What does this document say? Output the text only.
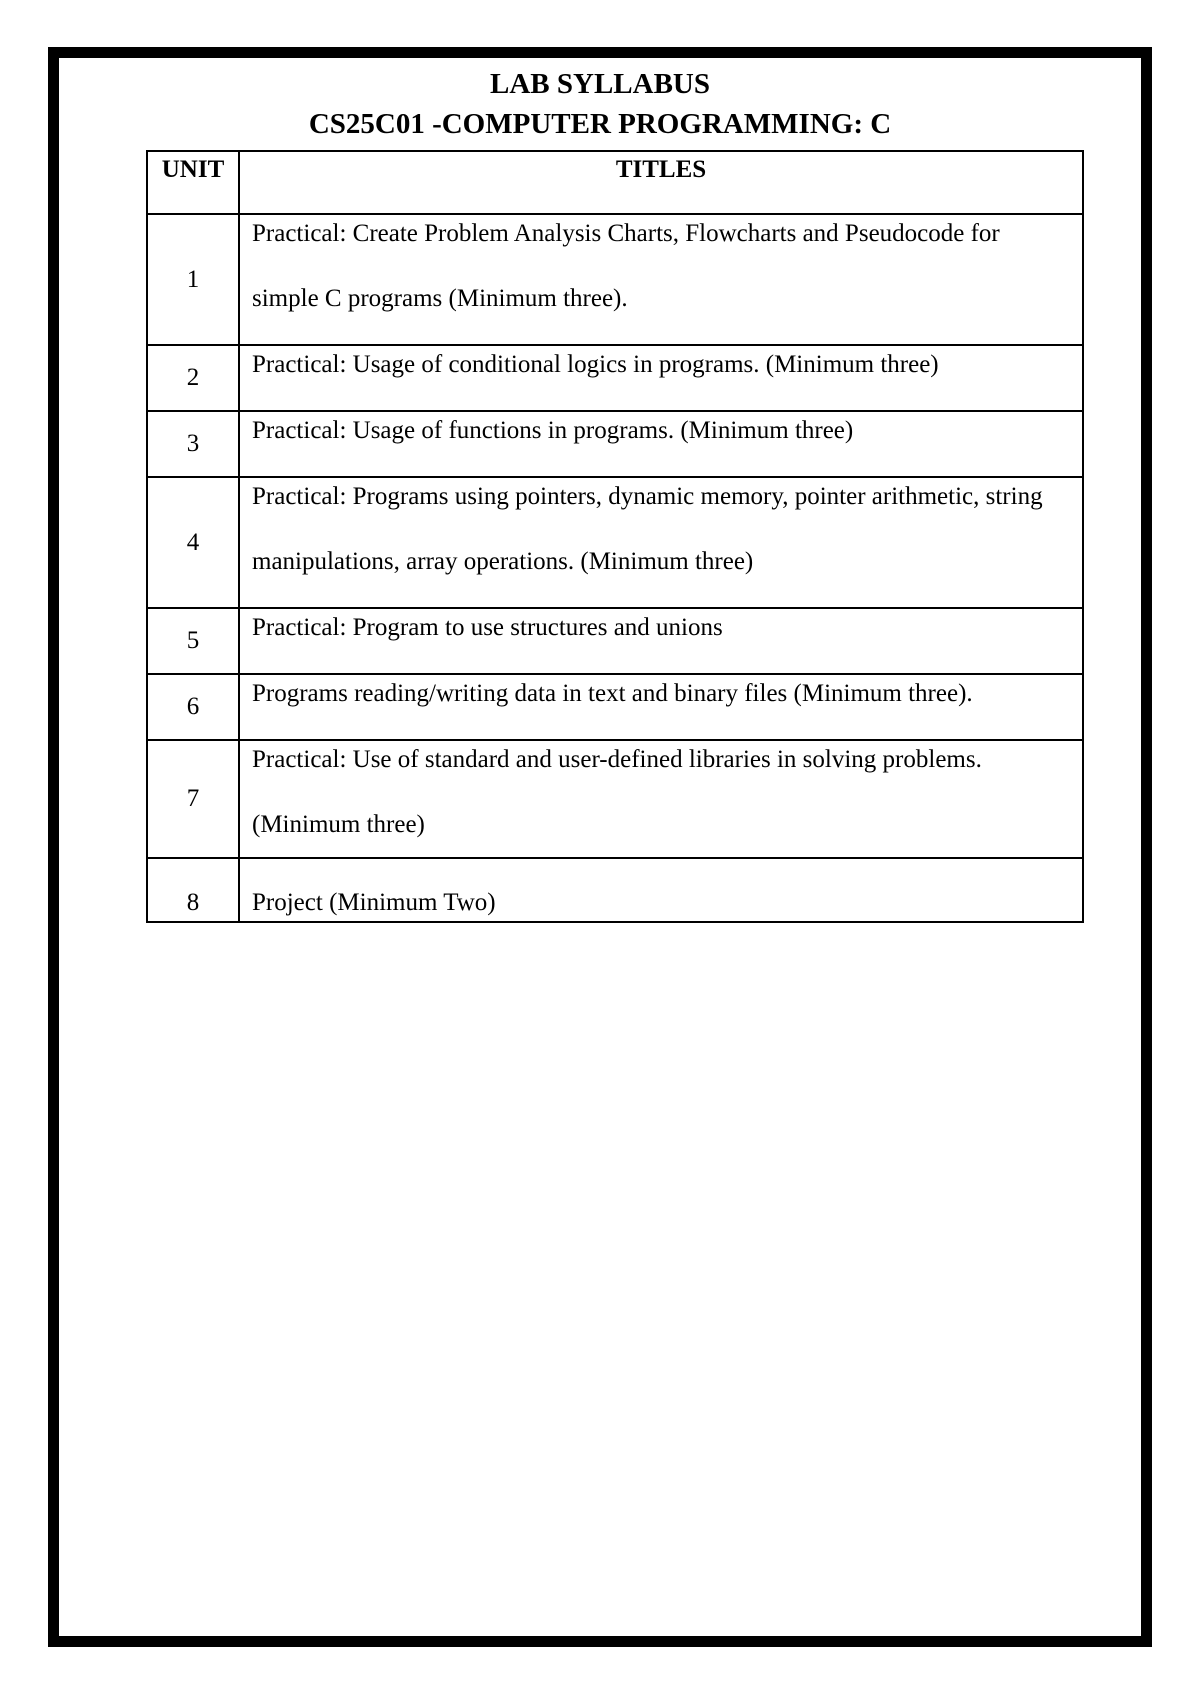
LAB SYLLABUS
CS25C01 -COMPUTER PROGRAMMING: C
UNIT	TITLES
1	Practical: Create Problem Analysis Charts, Flowcharts and Pseudocode for simple C programs (Minimum three).

2	Practical: Usage of conditional logics in programs. (Minimum three)

3	Practical: Usage of functions in programs. (Minimum three)

4	Practical: Programs using pointers, dynamic memory, pointer arithmetic, string manipulations, array operations. (Minimum three)

5	Practical: Program to use structures and unions

6	Programs reading/writing data in text and binary files (Minimum three).

7	Practical: Use of standard and user-defined libraries in solving problems. (Minimum three)

8	Project (Minimum Two)
